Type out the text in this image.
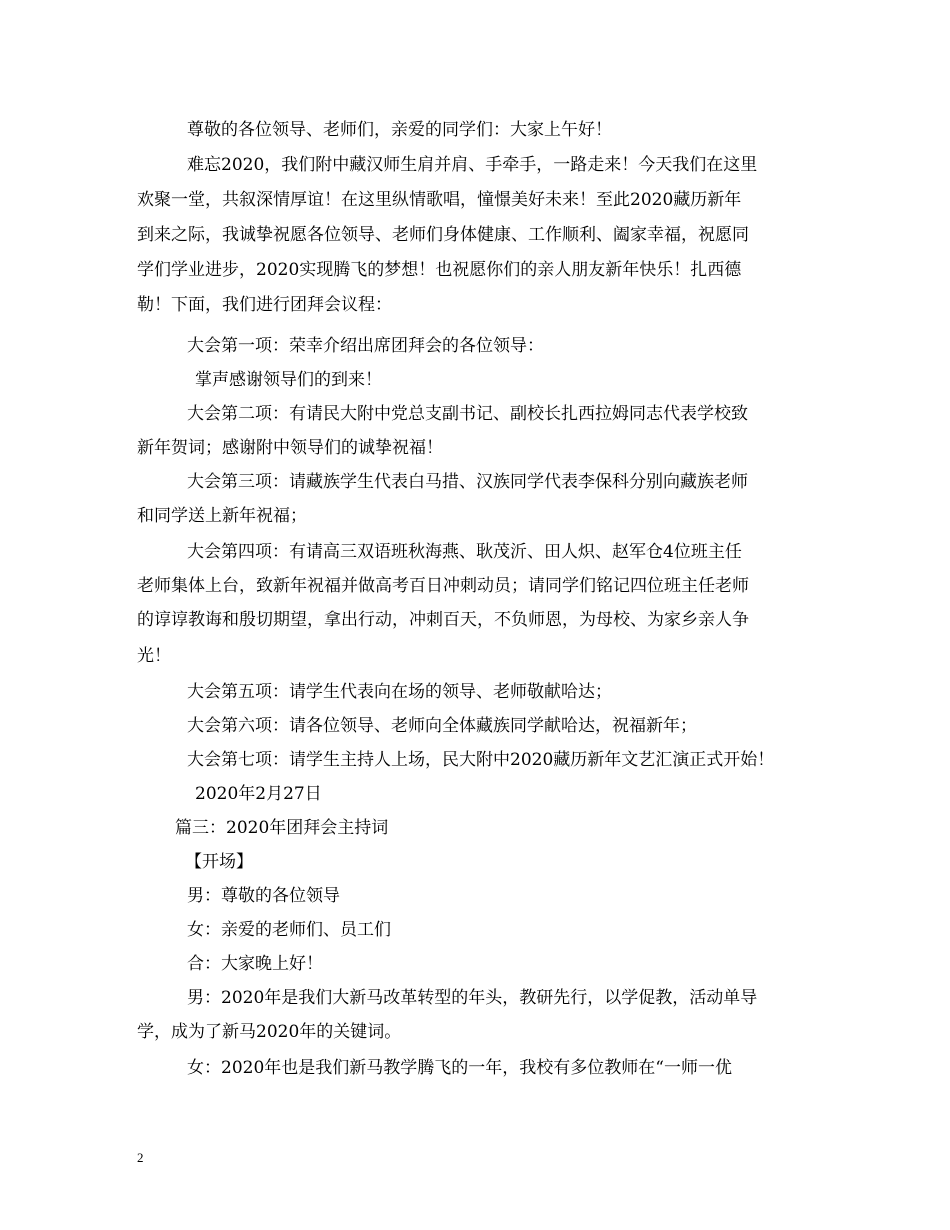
尊敬的各位领导、老师们，亲爱的同学们：大家上午好！
难忘2020，我们附中藏汉师生肩并肩、手牵手，一路走来！今天我们在这里
欢聚一堂，共叙深情厚谊！在这里纵情歌唱，憧憬美好未来！至此2020藏历新年
到来之际，我诚挚祝愿各位领导、老师们身体健康、工作顺利、阖家幸福，祝愿同
学们学业进步，2020实现腾飞的梦想！也祝愿你们的亲人朋友新年快乐！扎西德
勒！下面，我们进行团拜会议程：
大会第一项：荣幸介绍出席团拜会的各位领导：
掌声感谢领导们的到来！
大会第二项：有请民大附中党总支副书记、副校长扎西拉姆同志代表学校致
新年贺词；感谢附中领导们的诚挚祝福！
大会第三项：请藏族学生代表白马措、汉族同学代表李保科分别向藏族老师
和同学送上新年祝福；
大会第四项：有请高三双语班秋海燕、耿茂沂、田人炽、赵军仓4位班主任
老师集体上台，致新年祝福并做高考百日冲刺动员；请同学们铭记四位班主任老师
的谆谆教诲和殷切期望，拿出行动，冲刺百天，不负师恩，为母校、为家乡亲人争
光！
大会第五项：请学生代表向在场的领导、老师敬献哈达；
大会第六项：请各位领导、老师向全体藏族同学献哈达，祝福新年；
大会第七项：请学生主持人上场，民大附中2020藏历新年文艺汇演正式开始！
2020年2月27日
篇三：2020年团拜会主持词
【开场】
男：尊敬的各位领导
女：亲爱的老师们、员工们
合：大家晚上好！
男：2020年是我们大新马改革转型的年头，教研先行，以学促教，活动单导
学，成为了新马2020年的关键词。
女：2020年也是我们新马教学腾飞的一年，我校有多位教师在“一师一优
2
